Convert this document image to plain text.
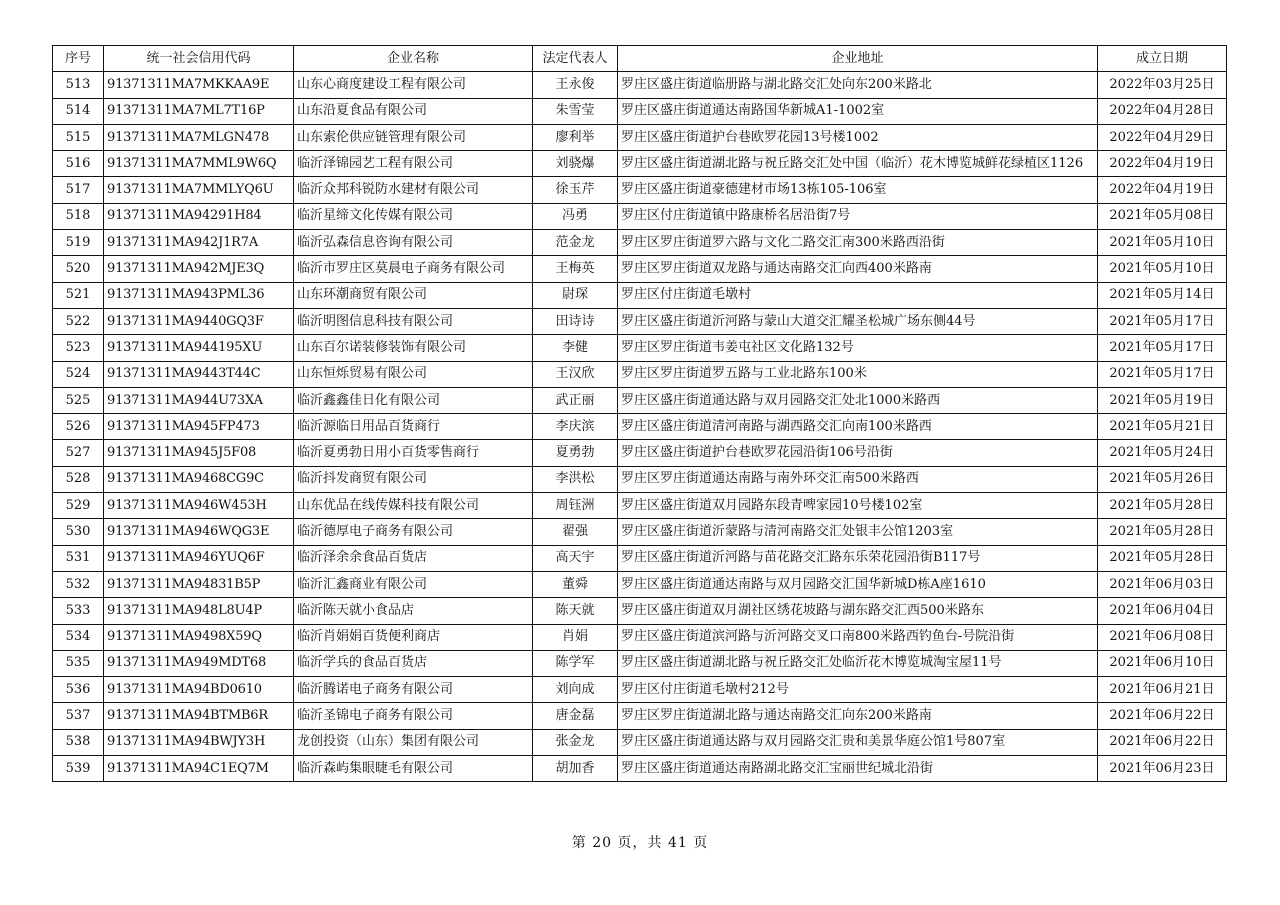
序号	统一社会信用代码	企业名称	法定代表人	企业地址	成立日期
513	91371311MA7MKKAA9E	山东心商度建设工程有限公司	王永俊	罗庄区盛庄街道临册路与湖北路交汇处向东200米路北	2022年03月25日
514	91371311MA7ML7T16P	山东沿夏食品有限公司	朱雪莹	罗庄区盛庄街道通达南路国华新城A1-1002室	2022年04月28日
515	91371311MA7MLGN478	山东索伦供应链管理有限公司	廖利举	罗庄区盛庄街道护台巷欧罗花园13号楼1002	2022年04月29日
516	91371311MA7MML9W6Q	临沂泽锦园艺工程有限公司	刘骁爆	罗庄区盛庄街道湖北路与祝丘路交汇处中国（临沂）花木博览城鲜花绿植区1126	2022年04月19日
517	91371311MA7MMLYQ6U	临沂众邦科锐防水建材有限公司	徐玉芹	罗庄区盛庄街道豪德建材市场13栋105-106室	2022年04月19日
518	91371311MA94291H84	临沂星缔文化传媒有限公司	冯勇	罗庄区付庄街道镇中路康桥名居沿街7号	2021年05月08日
519	91371311MA942J1R7A	临沂弘森信息咨询有限公司	范金龙	罗庄区罗庄街道罗六路与文化二路交汇南300米路西沿街	2021年05月10日
520	91371311MA942MJE3Q	临沂市罗庄区莫晨电子商务有限公司	王梅英	罗庄区罗庄街道双龙路与通达南路交汇向西400米路南	2021年05月10日
521	91371311MA943PML36	山东环潮商贸有限公司	尉琛	罗庄区付庄街道毛墩村	2021年05月14日
522	91371311MA9440GQ3F	临沂明图信息科技有限公司	田诗诗	罗庄区盛庄街道沂河路与蒙山大道交汇耀圣松城广场东侧44号	2021年05月17日
523	91371311MA944195XU	山东百尔诺装修装饰有限公司	李健	罗庄区罗庄街道韦姜屯社区文化路132号	2021年05月17日
524	91371311MA9443T44C	山东恒烁贸易有限公司	王汉欣	罗庄区罗庄街道罗五路与工业北路东100米	2021年05月17日
525	91371311MA944U73XA	临沂鑫鑫佳日化有限公司	武正丽	罗庄区盛庄街道通达路与双月园路交汇处北1000米路西	2021年05月19日
526	91371311MA945FP473	临沂源临日用品百货商行	李庆滨	罗庄区盛庄街道清河南路与湖西路交汇向南100米路西	2021年05月21日
527	91371311MA945J5F08	临沂夏勇勃日用小百货零售商行	夏勇勃	罗庄区盛庄街道护台巷欧罗花园沿街106号沿街	2021年05月24日
528	91371311MA9468CG9C	临沂抖发商贸有限公司	李洪松	罗庄区罗庄街道通达南路与南外环交汇南500米路西	2021年05月26日
529	91371311MA946W453H	山东优品在线传媒科技有限公司	周钰洲	罗庄区盛庄街道双月园路东段青啤家园10号楼102室	2021年05月28日
530	91371311MA946WQG3E	临沂德厚电子商务有限公司	翟强	罗庄区盛庄街道沂蒙路与清河南路交汇处银丰公馆1203室	2021年05月28日
531	91371311MA946YUQ6F	临沂泽余余食品百货店	高天宇	罗庄区盛庄街道沂河路与苗花路交汇路东乐荣花园沿街B117号	2021年05月28日
532	91371311MA94831B5P	临沂汇鑫商业有限公司	董舜	罗庄区盛庄街道通达南路与双月园路交汇国华新城D栋A座1610	2021年06月03日
533	91371311MA948L8U4P	临沂陈天就小食品店	陈天就	罗庄区盛庄街道双月湖社区绣花坡路与湖东路交汇西500米路东	2021年06月04日
534	91371311MA9498X59Q	临沂肖娟娟百货便利商店	肖娟	罗庄区盛庄街道滨河路与沂河路交叉口南800米路西钓鱼台-号院沿街	2021年06月08日
535	91371311MA949MDT68	临沂学兵的食品百货店	陈学军	罗庄区盛庄街道湖北路与祝丘路交汇处临沂花木博览城淘宝屋11号	2021年06月10日
536	91371311MA94BD0610	临沂腾诺电子商务有限公司	刘向成	罗庄区付庄街道毛墩村212号	2021年06月21日
537	91371311MA94BTMB6R	临沂圣锦电子商务有限公司	唐金磊	罗庄区罗庄街道湖北路与通达南路交汇向东200米路南	2021年06月22日
538	91371311MA94BWJY3H	龙创投资（山东）集团有限公司	张金龙	罗庄区盛庄街道通达路与双月园路交汇贵和美景华庭公馆1号807室	2021年06月22日
539	91371311MA94C1EQ7M	临沂森屿集眼睫毛有限公司	胡加香	罗庄区盛庄街道通达南路湖北路交汇宝丽世纪城北沿街	2021年06月23日
第 20 页，共 41 页
